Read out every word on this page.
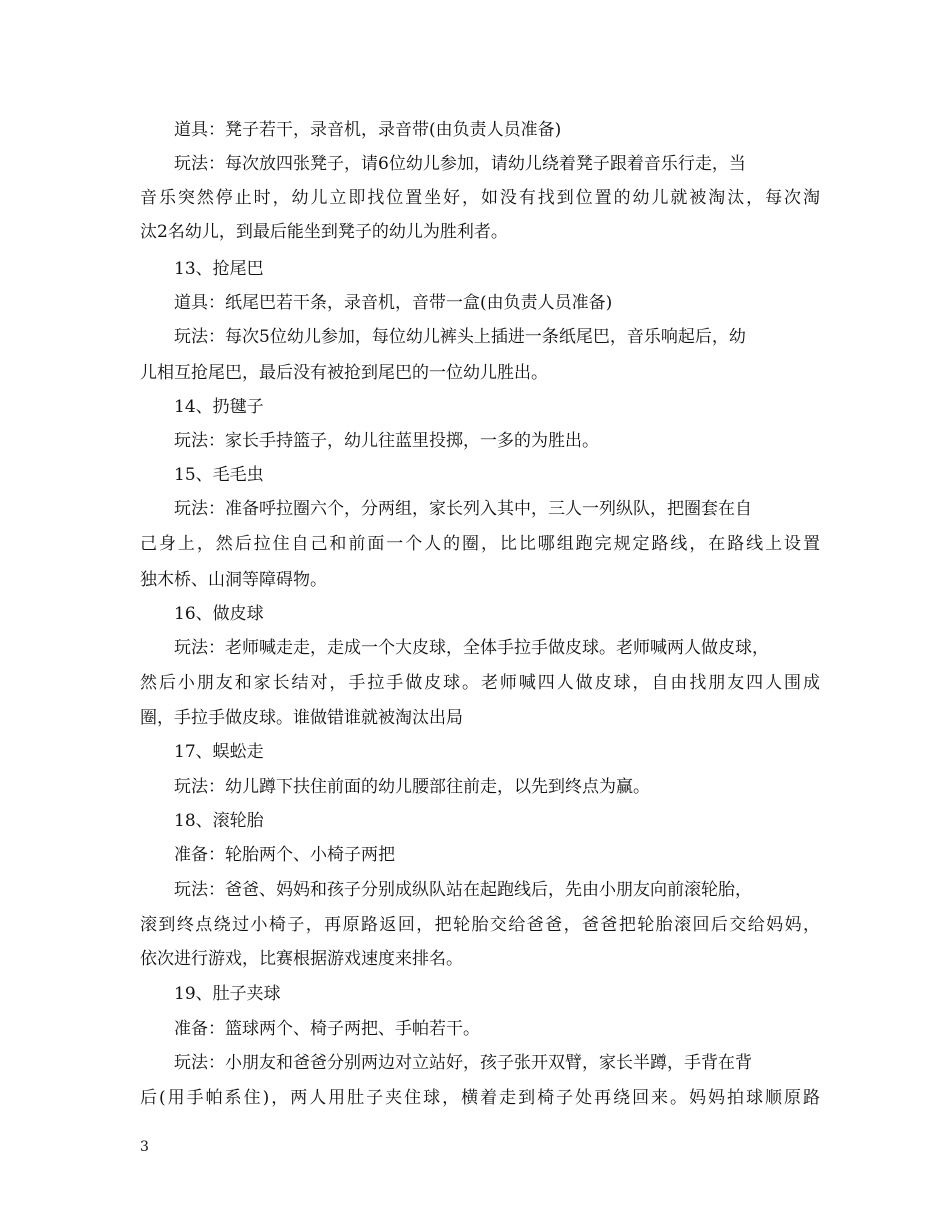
道具：凳子若干，录音机，录音带(由负责人员准备)
玩法：每次放四张凳子，请6位幼儿参加，请幼儿绕着凳子跟着音乐行走，当
音乐突然停止时，幼儿立即找位置坐好，如没有找到位置的幼儿就被淘汰，每次淘
汰2名幼儿，到最后能坐到凳子的幼儿为胜利者。
13、抢尾巴
道具：纸尾巴若干条，录音机，音带一盒(由负责人员准备)
玩法：每次5位幼儿参加，每位幼儿裤头上插进一条纸尾巴，音乐响起后，幼
儿相互抢尾巴，最后没有被抢到尾巴的一位幼儿胜出。
14、扔毽子
玩法：家长手持篮子，幼儿往蓝里投掷，一多的为胜出。
15、毛毛虫
玩法：准备呼拉圈六个，分两组，家长列入其中，三人一列纵队，把圈套在自
己身上，然后拉住自己和前面一个人的圈，比比哪组跑完规定路线，在路线上设置
独木桥、山洞等障碍物。
16、做皮球
玩法：老师喊走走，走成一个大皮球，全体手拉手做皮球。老师喊两人做皮球，
然后小朋友和家长结对，手拉手做皮球。老师喊四人做皮球，自由找朋友四人围成
圈，手拉手做皮球。谁做错谁就被淘汰出局
17、蜈蚣走
玩法：幼儿蹲下扶住前面的幼儿腰部往前走，以先到终点为赢。
18、滚轮胎
准备：轮胎两个、小椅子两把
玩法：爸爸、妈妈和孩子分别成纵队站在起跑线后，先由小朋友向前滚轮胎，
滚到终点绕过小椅子，再原路返回，把轮胎交给爸爸，爸爸把轮胎滚回后交给妈妈，
依次进行游戏，比赛根据游戏速度来排名。
19、肚子夹球
准备：篮球两个、椅子两把、手帕若干。
玩法：小朋友和爸爸分别两边对立站好，孩子张开双臂，家长半蹲，手背在背
后(用手帕系住)，两人用肚子夹住球，横着走到椅子处再绕回来。妈妈拍球顺原路
3
